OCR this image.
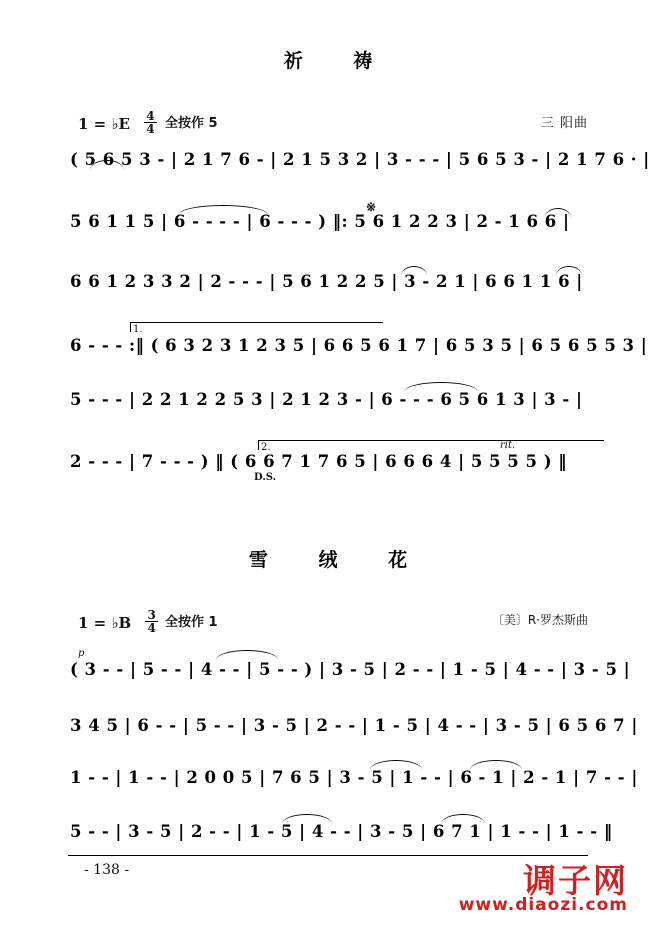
祈 祷
1 = ♭E $\frac{4}{4}$ 全按作 5	三 阳曲
( 5 6 5 3 - | 2 1 7 6 - | 2 1 5 3 2 | 3 - - - | 5 6 5 3 - | 2 1 7 6 · |
5 6 1 1 5 | 6 - - - - | 6 - - - ) ‖: 5 6 1 2 2 3 | 2 - 1 6 6 |
※
6 6 1 2 3 3 2 | 2 - - - | 5 6 1 2 2 5 | 3 - 2 1 | 6 6 1 1 6 |
1.
6 - - - :‖ ( 6 3 2 3 1 2 3 5 | 6 6 5 6 1 7 | 6 5 3 5 | 6 5 6 5 5 3 |
5 - - - | 2 2 1 2 2 5 3 | 2 1 2 3 - | 6 - - - 6 5 6 1 3 | 3 - |
2.
2 - - - | 7 - - - ) ‖ ( 6 6 7 1 7 6 5 | 6 6 6 4 | 5 5 5 5 ) ‖
D.S.
rit.
雪 绒 花
1 = ♭B $\frac{3}{4}$ 全按作 1	〔美〕R·罗杰斯曲
p
( 3 - - | 5 - - | 4 - - | 5 - - ) | 3 - 5 | 2 - - | 1 - 5 | 4 - - | 3 - 5 |
3 4 5 | 6 - - | 5 - - | 3 - 5 | 2 - - | 1 - 5 | 4 - - | 3 - 5 | 6 5 6 7 |
1 - - | 1 - - | 2 0 0 5 | 7 6 5 | 3 - 5 | 1 - - | 6 - 1 | 2 - 1 | 7 - - |
5 - - | 3 - 5 | 2 - - | 1 - 5 | 4 - - | 3 - 5 | 6 7 1 | 1 - - | 1 - - ‖
- 138 -	调子网
www.diaozi.com
